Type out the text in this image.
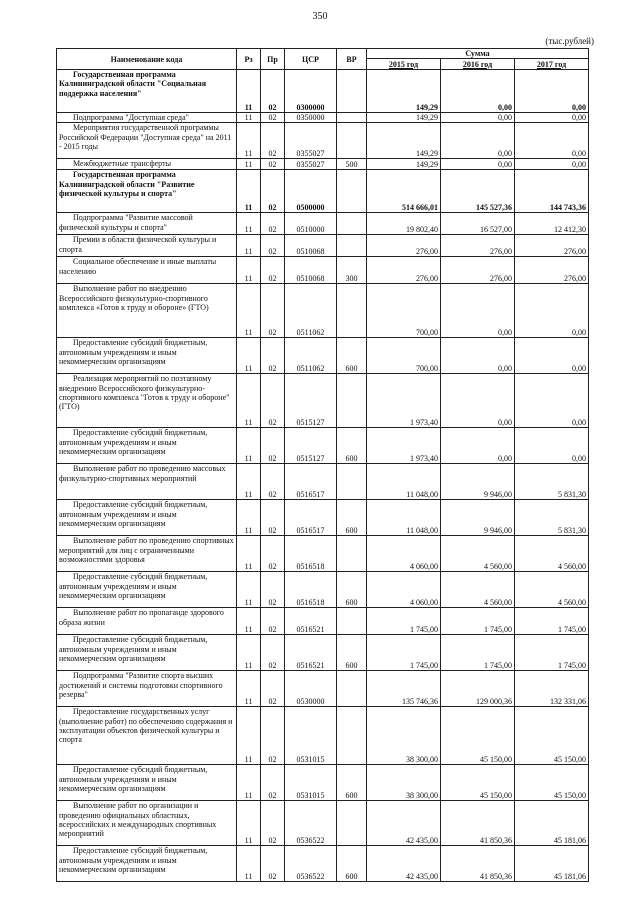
350
(тыс.рублей)
Наименование кода	Рз	Пр	ЦСР	ВР	Сумма		
					2015 год	2016 год	2017 год
Государственная программа Калининградской области "Социальная поддержка населения"	11	02	0300000		149,29	0,00	0,00
Подпрограмма "Доступная среда"	11	02	0350000		149,29	0,00	0,00
Мероприятия государственной программы Российской Федерации "Доступная среда" на 2011 - 2015 годы	11	02	0355027		149,29	0,00	0,00
Межбюджетные трансферты	11	02	0355027	500	149,29	0,00	0,00
Государственная программа Калининградской области "Развитие физической культуры и спорта"	11	02	0500000		514 666,01	145 527,36	144 743,36
Подпрограмма "Развитие массовой физической культуры и спорта"	11	02	0510000		19 802,40	16 527,00	12 412,30
Премии в области физической культуры и спорта	11	02	0510068		276,00	276,00	276,00
Социальное обеспечение и иные выплаты населению	11	02	0510068	300	276,00	276,00	276,00
Выполнение работ по внедрению Всероссийского физкультурно-спортивного комплекса «Готов к труду и обороне» (ГТО)	11	02	0511062		700,00	0,00	0,00
Предоставление субсидий бюджетным, автономным учреждениям и иным некоммерческим организациям	11	02	0511062	600	700,00	0,00	0,00
Реализация мероприятий по поэтапному внедрению Всероссийского физкультурно-спортивного комплекса "Готов к труду и обороне" (ГТО)	11	02	0515127		1 973,40	0,00	0,00
Предоставление субсидий бюджетным, автономным учреждениям и иным некоммерческим организациям	11	02	0515127	600	1 973,40	0,00	0,00
Выполнение работ по проведению массовых физкультурно-спортивных мероприятий	11	02	0516517		11 048,00	9 946,00	5 831,30
Предоставление субсидий бюджетным, автономным учреждениям и иным некоммерческим организациям	11	02	0516517	600	11 048,00	9 946,00	5 831,30
Выполнение работ по проведению спортивных мероприятий для лиц с ограниченными возможностями здоровья	11	02	0516518		4 060,00	4 560,00	4 560,00
Предоставление субсидий бюджетным, автономным учреждениям и иным некоммерческим организациям	11	02	0516518	600	4 060,00	4 560,00	4 560,00
Выполнение работ по пропаганде здорового образа жизни	11	02	0516521		1 745,00	1 745,00	1 745,00
Предоставление субсидий бюджетным, автономным учреждениям и иным некоммерческим организациям	11	02	0516521	600	1 745,00	1 745,00	1 745,00
Подпрограмма "Развитие спорта высших достижений и системы подготовки спортивного резерва"	11	02	0530000		135 746,36	129 000,36	132 331,06
Предоставление государственных услуг (выполнение работ) по обеспечению содержания и эксплуатации объектов физической культуры и спорта	11	02	0531015		38 300,00	45 150,00	45 150,00
Предоставление субсидий бюджетным, автономным учреждениям и иным некоммерческим организациям	11	02	0531015	600	38 300,00	45 150,00	45 150,00
Выполнение работ по организации и проведению официальных областных, всероссийских и международных спортивных мероприятий	11	02	0536522		42 435,00	41 850,36	45 181,06
Предоставление субсидий бюджетным, автономным учреждениям и иным некоммерческим организациям	11	02	0536522	600	42 435,00	41 850,36	45 181,06
